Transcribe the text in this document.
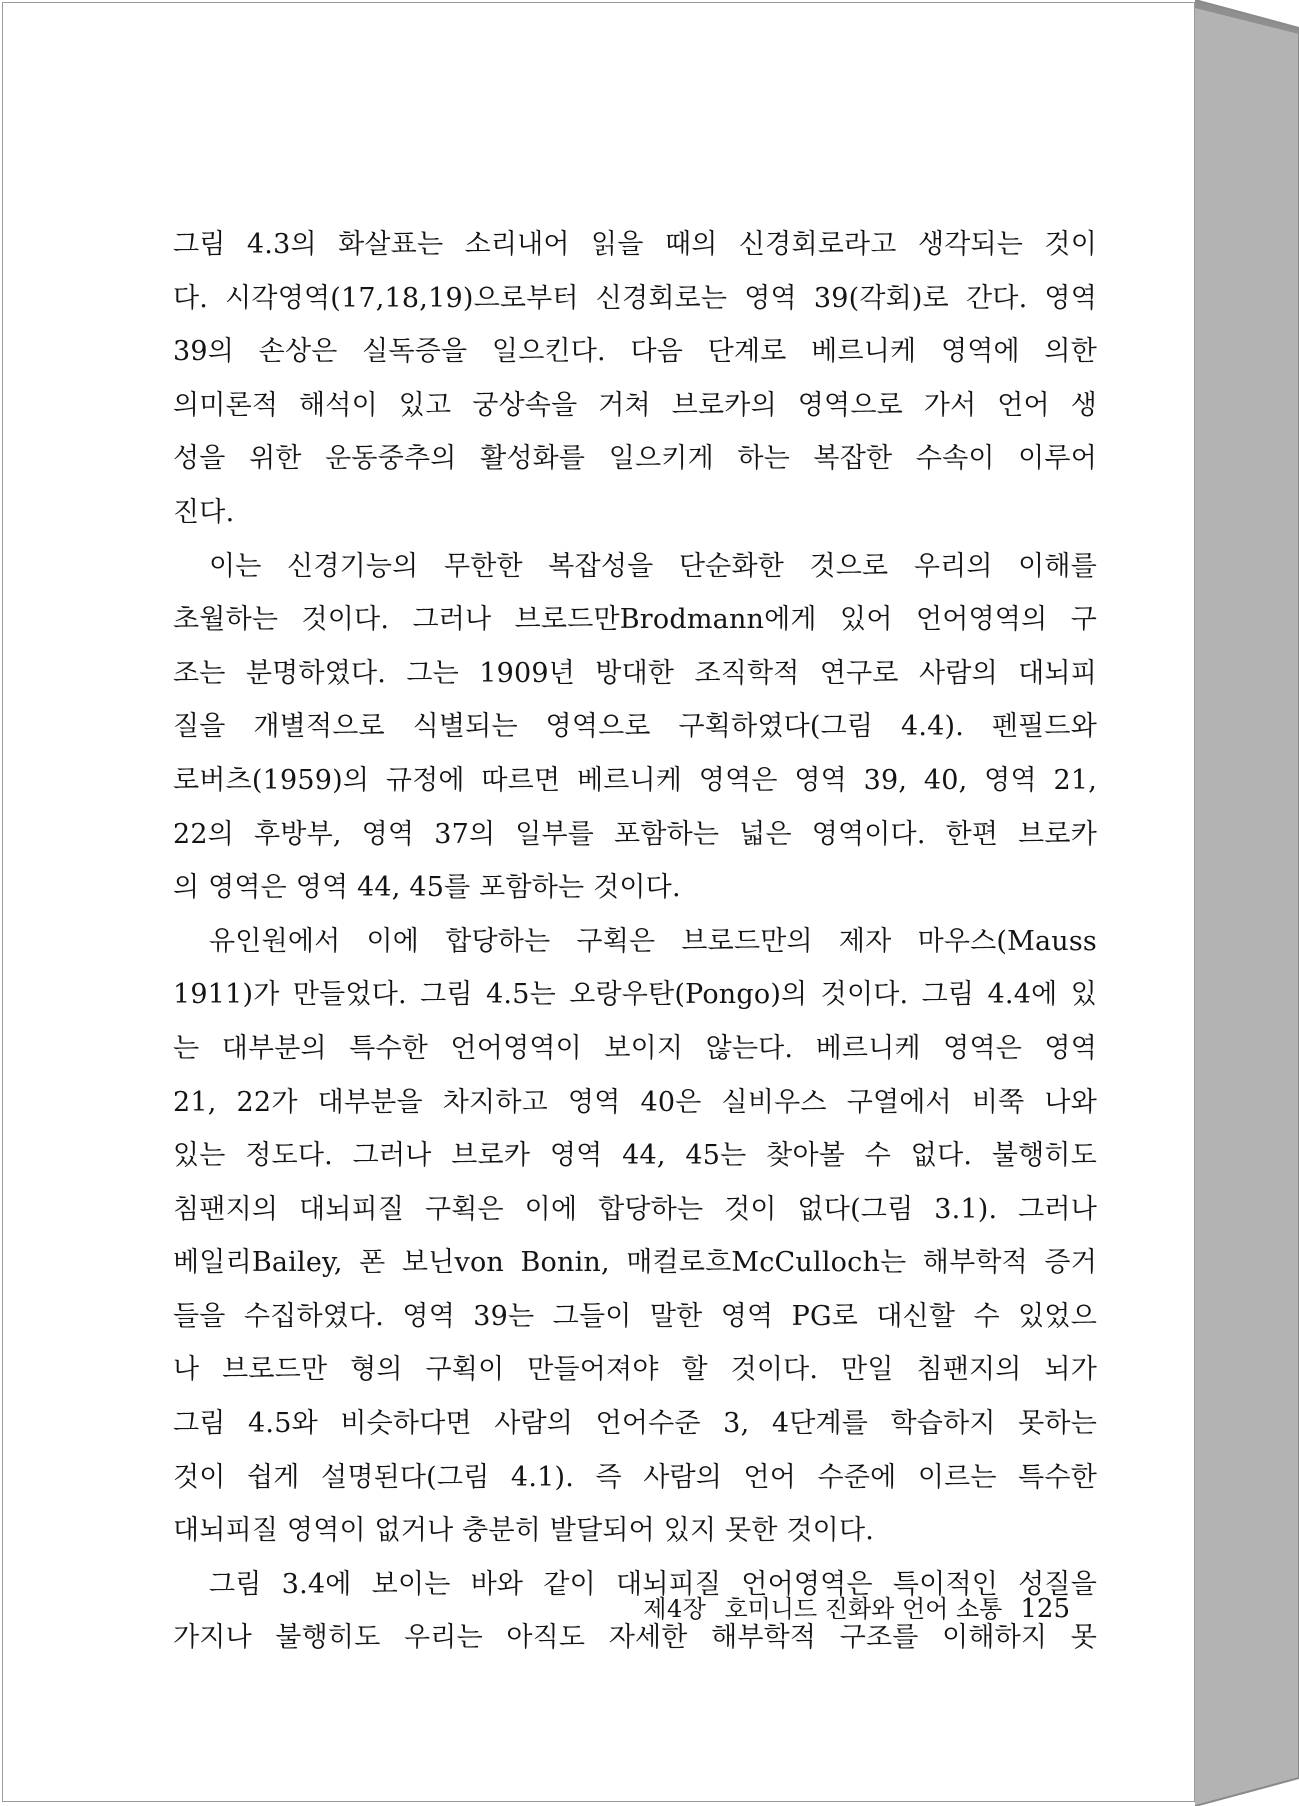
그림 4.3의 화살표는 소리내어 읽을 때의 신경회로라고 생각되는 것이
다. 시각영역(17,18,19)으로부터 신경회로는 영역 39(각회)로 간다. 영역
39의 손상은 실독증을 일으킨다. 다음 단계로 베르니케 영역에 의한
의미론적 해석이 있고 궁상속을 거쳐 브로카의 영역으로 가서 언어 생
성을 위한 운동중추의 활성화를 일으키게 하는 복잡한 수속이 이루어
진다.
이는 신경기능의 무한한 복잡성을 단순화한 것으로 우리의 이해를
초월하는 것이다. 그러나 브로드만Brodmann에게 있어 언어영역의 구
조는 분명하였다. 그는 1909년 방대한 조직학적 연구로 사람의 대뇌피
질을 개별적으로 식별되는 영역으로 구획하였다(그림 4.4). 펜필드와
로버츠(1959)의 규정에 따르면 베르니케 영역은 영역 39, 40, 영역 21,
22의 후방부, 영역 37의 일부를 포함하는 넓은 영역이다. 한편 브로카
의 영역은 영역 44, 45를 포함하는 것이다.
유인원에서 이에 합당하는 구획은 브로드만의 제자 마우스(Mauss
1911)가 만들었다. 그림 4.5는 오랑우탄(Pongo)의 것이다. 그림 4.4에 있
는 대부분의 특수한 언어영역이 보이지 않는다. 베르니케 영역은 영역
21, 22가 대부분을 차지하고 영역 40은 실비우스 구열에서 비쭉 나와
있는 정도다. 그러나 브로카 영역 44, 45는 찾아볼 수 없다. 불행히도
침팬지의 대뇌피질 구획은 이에 합당하는 것이 없다(그림 3.1). 그러나
베일리Bailey, 폰 보닌von Bonin, 매컬로흐McCulloch는 해부학적 증거
들을 수집하였다. 영역 39는 그들이 말한 영역 PG로 대신할 수 있었으
나 브로드만 형의 구획이 만들어져야 할 것이다. 만일 침팬지의 뇌가
그림 4.5와 비슷하다면 사람의 언어수준 3, 4단계를 학습하지 못하는
것이 쉽게 설명된다(그림 4.1). 즉 사람의 언어 수준에 이르는 특수한
대뇌피질 영역이 없거나 충분히 발달되어 있지 못한 것이다.
그림 3.4에 보이는 바와 같이 대뇌피질 언어영역은 특이적인 성질을
가지나 불행히도 우리는 아직도 자세한 해부학적 구조를 이해하지 못
제4장 호미니드 진화와 언어 소통 125
